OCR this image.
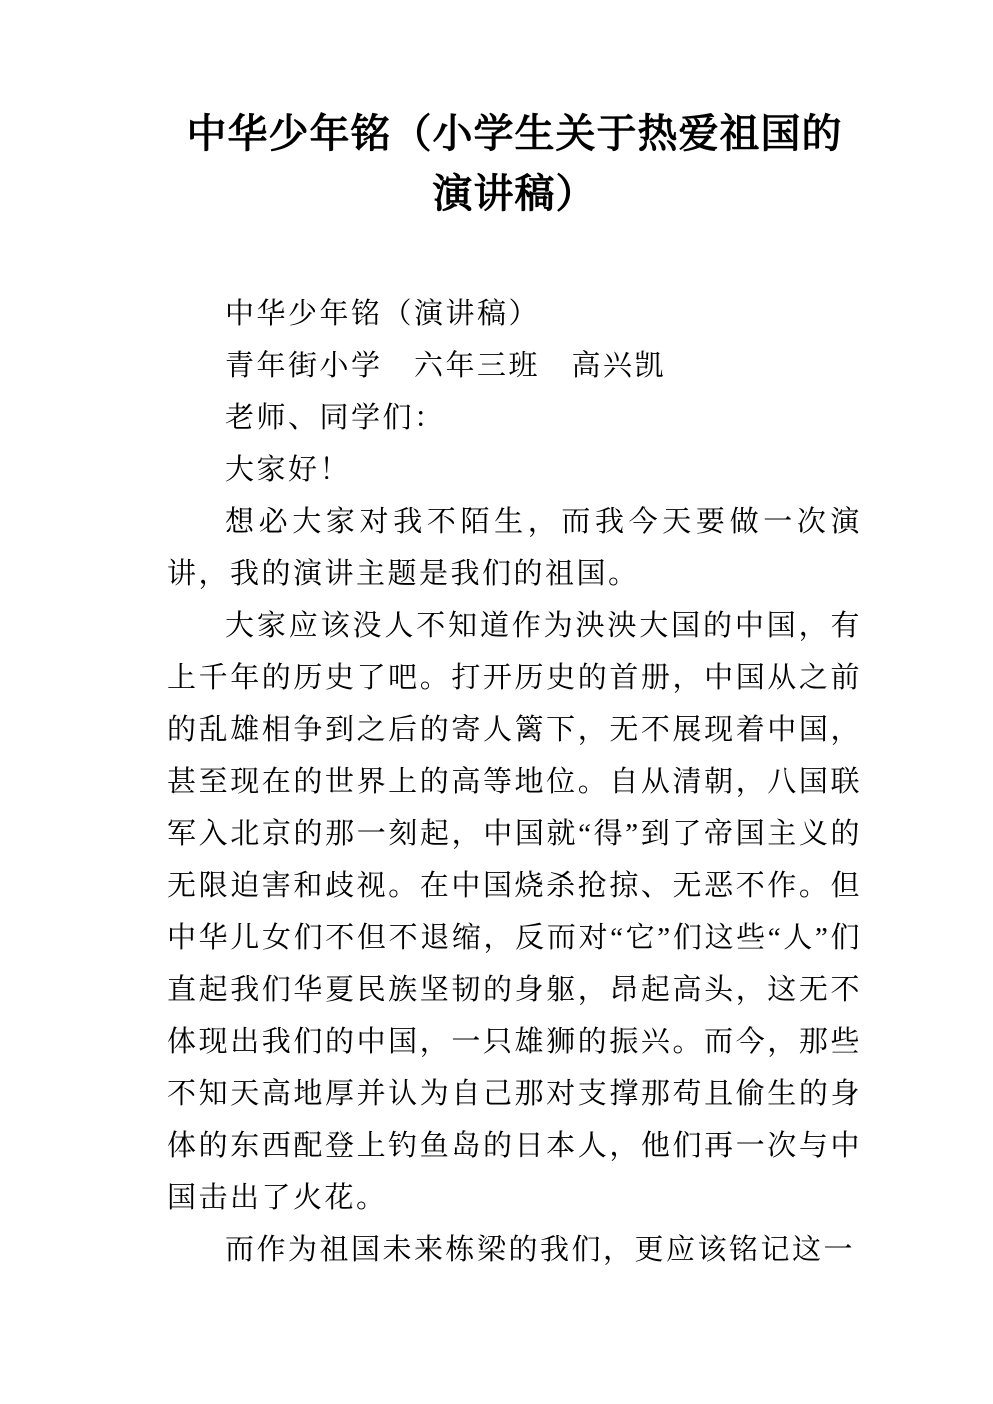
中华少年铭（小学生关于热爱祖国的演讲稿）

中华少年铭（演讲稿）

青年街小学　六年三班　高兴凯

老师、同学们：

大家好！

想必大家对我不陌生，而我今天要做一次演讲，我的演讲主题是我们的祖国。

大家应该没人不知道作为泱泱大国的中国，有上千年的历史了吧。打开历史的首册，中国从之前的乱雄相争到之后的寄人篱下，无不展现着中国，甚至现在的世界上的高等地位。自从清朝，八国联军入北京的那一刻起，中国就“得”到了帝国主义的无限迫害和歧视。在中国烧杀抢掠、无恶不作。但中华儿女们不但不退缩，反而对“它”们这些“人”们直起我们华夏民族坚韧的身躯，昂起高头，这无不体现出我们的中国，一只雄狮的振兴。而今，那些不知天高地厚并认为自己那对支撑那苟且偷生的身体的东西配登上钓鱼岛的日本人，他们再一次与中国击出了火花。

而作为祖国未来栋梁的我们，更应该铭记这一
